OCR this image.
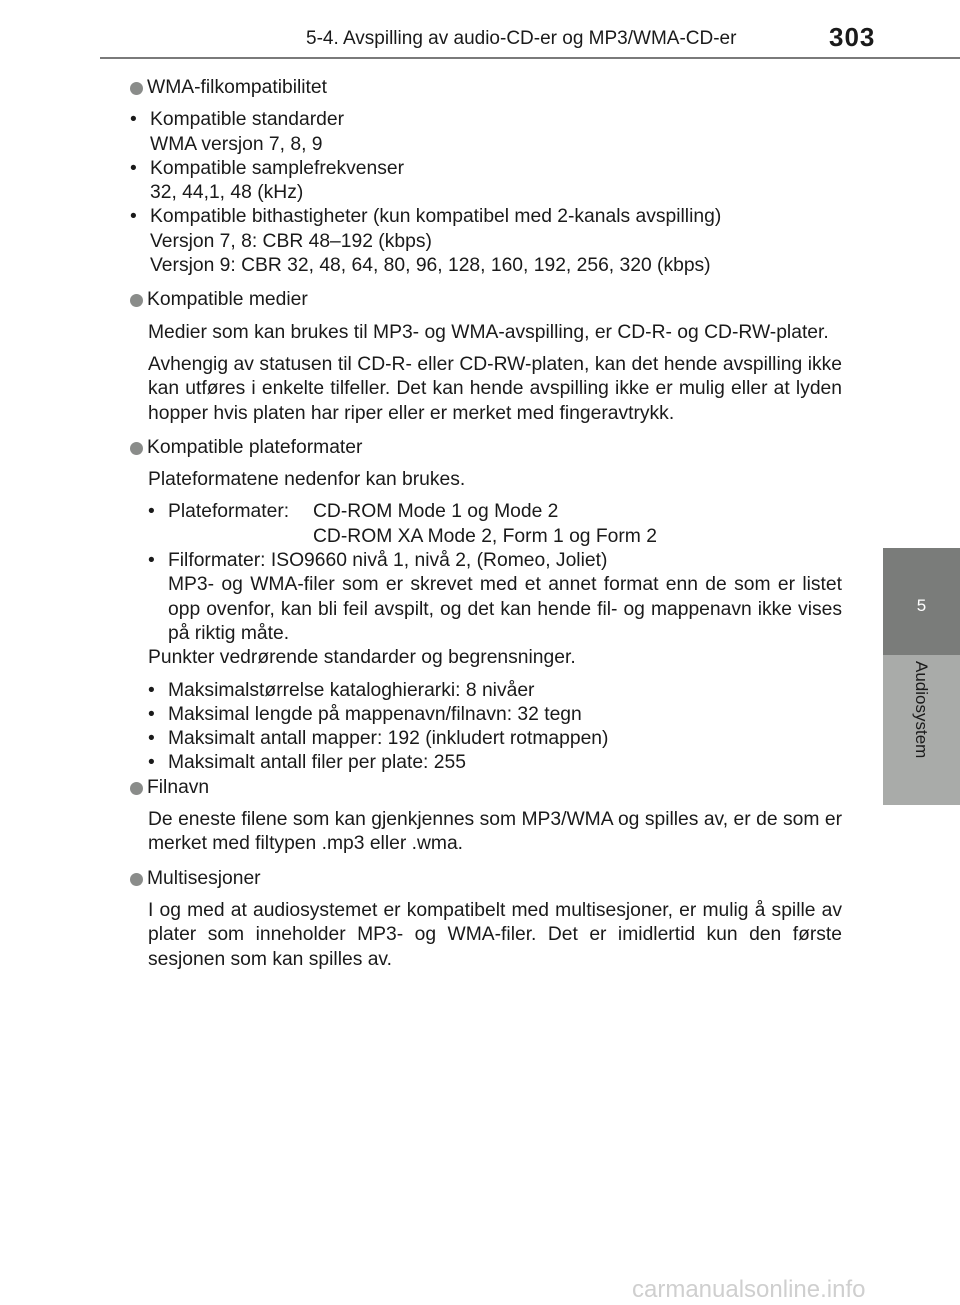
5-4. Avspilling av audio-CD-er og MP3/WMA-CD-er	303
5
Audiosystem
WMA-filkompatibilitet
• Kompatible standarder
WMA versjon 7, 8, 9
• Kompatible samplefrekvenser
32, 44,1, 48 (kHz)
• Kompatible bithastigheter (kun kompatibel med 2-kanals avspilling)
Versjon 7, 8: CBR 48–192 (kbps)
Versjon 9: CBR 32, 48, 64, 80, 96, 128, 160, 192, 256, 320 (kbps)
Kompatible medier

Medier som kan brukes til MP3- og WMA-avspilling, er CD-R- og CD-RW-plater.

Avhengig av statusen til CD-R- eller CD-RW-platen, kan det hende avspilling ikke kan utføres i enkelte tilfeller. Det kan hende avspilling ikke er mulig eller at lyden hopper hvis platen har riper eller er merket med fingeravtrykk.

Kompatible plateformater

Plateformatene nedenfor kan brukes.

• Plateformater:	CD-ROM Mode 1 og Mode 2
CD-ROM XA Mode 2, Form 1 og Form 2
• Filformater: ISO9660 nivå 1, nivå 2, (Romeo, Joliet)
MP3- og WMA-filer som er skrevet med et annet format enn de som er listet opp ovenfor, kan bli feil avspilt, og det kan hende fil- og mappenavn ikke vises på riktig måte.

Punkter vedrørende standarder og begrensninger.

• Maksimalstørrelse kataloghierarki: 8 nivåer
• Maksimal lengde på mappenavn/filnavn: 32 tegn
• Maksimalt antall mapper: 192 (inkludert rotmappen)
• Maksimalt antall filer per plate: 255
Filnavn

De eneste filene som kan gjenkjennes som MP3/WMA og spilles av, er de som er merket med filtypen .mp3 eller .wma.

Multisesjoner

I og med at audiosystemet er kompatibelt med multisesjoner, er mulig å spille av plater som inneholder MP3- og WMA-filer. Det er imidlertid kun den første sesjonen som kan spilles av.

carmanualsonline.info
